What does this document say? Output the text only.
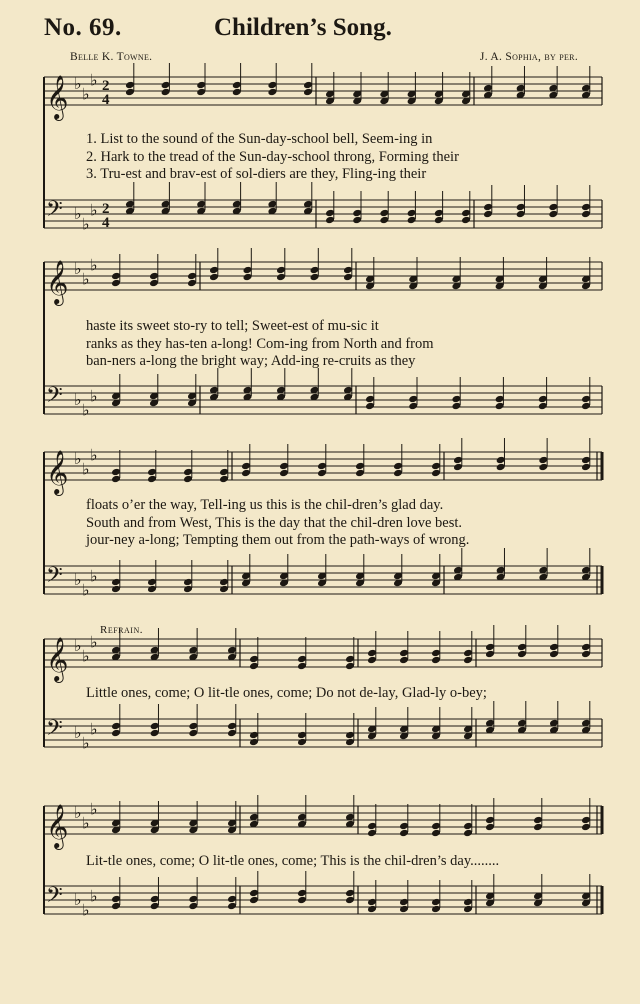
No. 69.	Children’s Song.
Belle K. Towne.	J. A. Sophia, by per.
𝄞 ♭
♭
♭ 2
4
𝄢 ♭
♭
♭ 2
4
𝄞 ♭
♭
♭
𝄢 ♭
♭
♭
𝄞 ♭
♭
♭
𝄢 ♭
♭
♭
𝄞 ♭
♭
♭
𝄢 ♭
♭
♭
𝄞 ♭
♭
♭
𝄢 ♭
♭
♭
1. List to the sound of the Sun-day-school bell, Seem-ing in
2. Hark to the tread of the Sun-day-school throng, Forming their
3. Tru-est and brav-est of sol-diers are they, Fling-ing their
haste its sweet sto-ry to tell; Sweet-est of mu-sic it
ranks as they has-ten a-long! Com-ing from North and from
ban-ners a-long the bright way; Add-ing re-cruits as they
floats o’er the way, Tell-ing us this is the chil-dren’s glad day.
South and from West, This is the day that the chil-dren love best.
jour-ney a-long; Tempting them out from the path-ways of wrong.
Refrain.
Little ones, come; O lit-tle ones, come; Do not de-lay, Glad-ly o-bey;
Lit-tle ones, come; O lit-tle ones, come; This is the chil-dren’s day........
